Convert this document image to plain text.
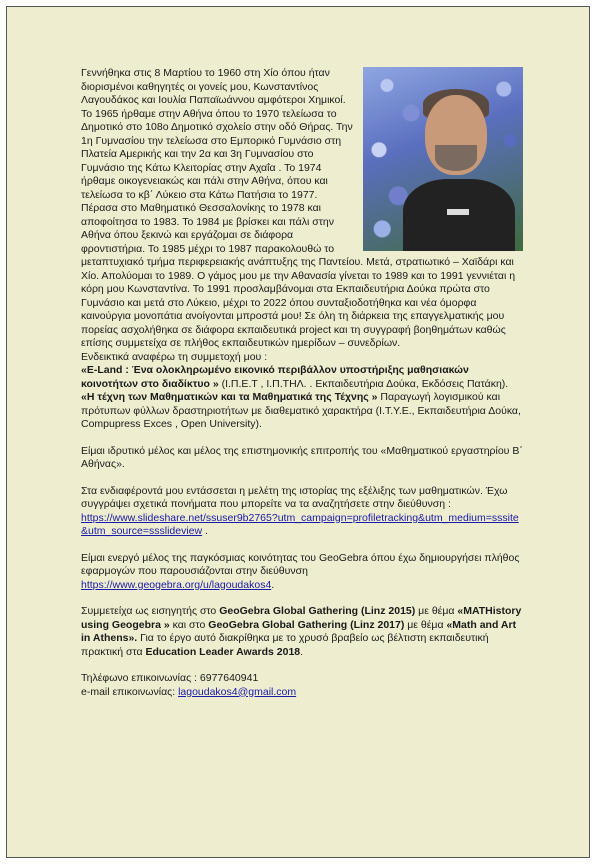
Γεννήθηκα στις 8 Μαρτίου το 1960 στη Χίο όπου ήταν διορισμένοι καθηγητές οι γονείς μου, Κωνσταντίνος Λαγουδάκος και Ιουλία Παπαϊωάννου αμφότεροι Χημικοί. Το 1965 ήρθαμε στην Αθήνα όπου το 1970 τελείωσα το Δημοτικό στο 108ο Δημοτικό σχολείο στην οδό Θήρας. Την 1η Γυμνασίου την τελείωσα στο Εμπορικό Γυμνάσιο στη Πλατεία Αμερικής και την 2α και 3η Γυμνασίου στο Γυμνάσιο της Κάτω Κλειτορίας στην Αχαΐα . Το 1974 ήρθαμε οικογενειακώς και πάλι στην Αθήνα, όπου και τελείωσα το κβ΄ Λύκειο στα Κάτω Πατήσια το 1977. Πέρασα στο Μαθηματικό Θεσσαλονίκης το 1978 και αποφοίτησα το 1983. Το 1984 με βρίσκει και πάλι στην Αθήνα όπου ξεκινώ και εργάζομαι σε διάφορα φροντιστήρια. Το 1985 μέχρι το 1987 παρακολουθώ το μεταπτυχιακό τμήμα περιφερειακής ανάπτυξης της Παντείου. Μετά, στρατιωτικό – Χαϊδάρι και Χίο. Απολύομαι το 1989. Ο γάμος μου με την Αθανασία γίνεται το 1989 και το 1991 γεννιέται η κόρη μου Κωνσταντίνα. Το 1991 προσλαμβάνομαι στα Εκπαιδευτήρια Δούκα πρώτα στο Γυμνάσιο και μετά στο Λύκειο, μέχρι το 2022 όπου συνταξιοδοτήθηκα και νέα όμορφα καινούργια μονοπάτια ανοίγονται μπροστά μου! Σε όλη τη διάρκεια της επαγγελματικής μου πορείας ασχολήθηκα σε διάφορα εκπαιδευτικά project και τη συγγραφή βοηθημάτων καθώς επίσης συμμετείχα σε πλήθος εκπαιδευτικών ημερίδων – συνεδρίων.

Ενδεικτικά αναφέρω τη συμμετοχή μου :

«E-Land : Ένα ολοκληρωμένο εικονικό περιβάλλον υποστήριξης μαθησιακών κοινοτήτων στο διαδίκτυο » (Ι.Π.Ε.Τ , Ι.Π.ΤΗΛ. . Εκπαιδευτήρια Δούκα, Εκδόσεις Πατάκη). «Η τέχνη των Μαθηματικών και τα Μαθηματικά της Τέχνης » Παραγωγή λογισμικού και πρότυπων φύλλων δραστηριοτήτων με διαθεματικό χαρακτήρα (Ι.Τ.Υ.Ε., Εκπαιδευτήρια Δούκα, Compupress Exces , Open University).

Είμαι ιδρυτικό μέλος και μέλος της επιστημονικής επιτροπής του «Μαθηματικού εργαστηρίου Β΄ Αθήνας».

Στα ενδιαφέροντά μου εντάσσεται η μελέτη της ιστορίας της εξέλιξης των μαθηματικών. Έχω συγγράψει σχετικά πονήματα που μπορείτε να τα αναζητήσετε στην διεύθυνση :
https://www.slideshare.net/ssuser9b2765?utm_campaign=profiletracking&utm_medium=sssite&utm_source=ssslideview .

Είμαι ενεργό μέλος της παγκόσμιας κοινότητας του GeoGebra όπου έχω δημιουργήσει πλήθος εφαρμογών που παρουσιάζονται στην διεύθυνση
https://www.geogebra.org/u/lagoudakos4.

Συμμετείχα ως εισηγητής στο GeoGebra Global Gathering (Linz 2015) με θέμα «MATHistory using Geogebra » και στο GeoGebra Global Gathering (Linz 2017) με θέμα «Math and Art in Athens». Για το έργο αυτό διακρίθηκα με το χρυσό βραβείο ως βέλτιστη εκπαιδευτική πρακτική στα Education Leader Awards 2018.

Τηλέφωνο επικοινωνίας : 6977640941

e-mail επικοινωνίας: lagoudakos4@gmail.com
